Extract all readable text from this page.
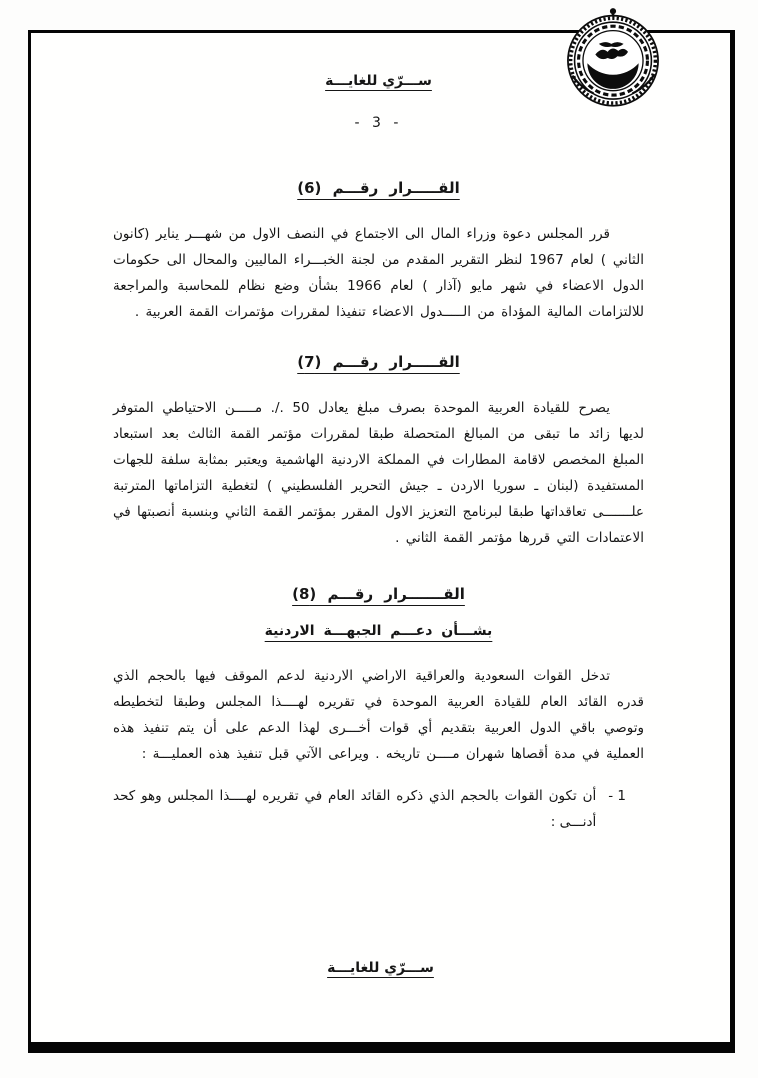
ســـرّي للغايـــة
- 3 -
القـــــرار رقـــم (6)

قرر المجلس دعوة وزراء المال الى الاجتماع في النصف الاول من شهـــر يناير (كانون الثاني ) لعام 1967 لنظر التقرير المقدم من لجنة الخبـــراء الماليين والمحال الى حكومات الدول الاعضاء في شهر مايو (آذار ) لعام 1966 بشأن وضع نظام للمحاسبة والمراجعة للالتزامات المالية المؤداة من الـــــدول الاعضاء تنفيذا لمقررات مؤتمرات القمة العربية .

القـــــرار رقـــم (7)

يصرح للقيادة العربية الموحدة بصرف مبلغ يعادل 50 ./. مـــــن الاحتياطي المتوفر لديها زائد ما تبقى من المبالغ المتحصلة طبقا لمقررات مؤتمر القمة الثالث بعد استبعاد المبلغ المخصص لاقامة المطارات في المملكة الاردنية الهاشمية ويعتبر بمثابة سلفة للجهات المستفيدة (لبنان ـ سوريا الاردن ـ جيش التحرير الفلسطيني ) لتغطية التزاماتها المترتبة علـــــــى تعاقداتها طبقا لبرنامج التعزيز الاول المقرر بمؤتمر القمة الثاني وبنسبة أنصبتها في الاعتمادات التي قررها مؤتمر القمة الثاني .

القـــــــرار رقـــم (8)
بشـــأن دعـــم الجبهـــة الاردنية

تدخل القوات السعودية والعراقية الاراضي الاردنية لدعم الموقف فيها بالحجم الذي قدره القائد العام للقيادة العربية الموحدة في تقريره لهــــذا المجلس وطبقا لتخطيطه وتوصي باقي الدول العربية بتقديم أي قوات أخـــرى لهذا الدعم على أن يتم تنفيذ هذه العملية في مدة أقصاها شهران مــــن تاريخه . ويراعى الآتي قبل تنفيذ هذه العمليـــة :

1 -
أن تكون القوات بالحجم الذي ذكره القائد العام في تقريره لهــــذا المجلس وهو كحد أدنـــى :
ســـرّي للغايـــة
